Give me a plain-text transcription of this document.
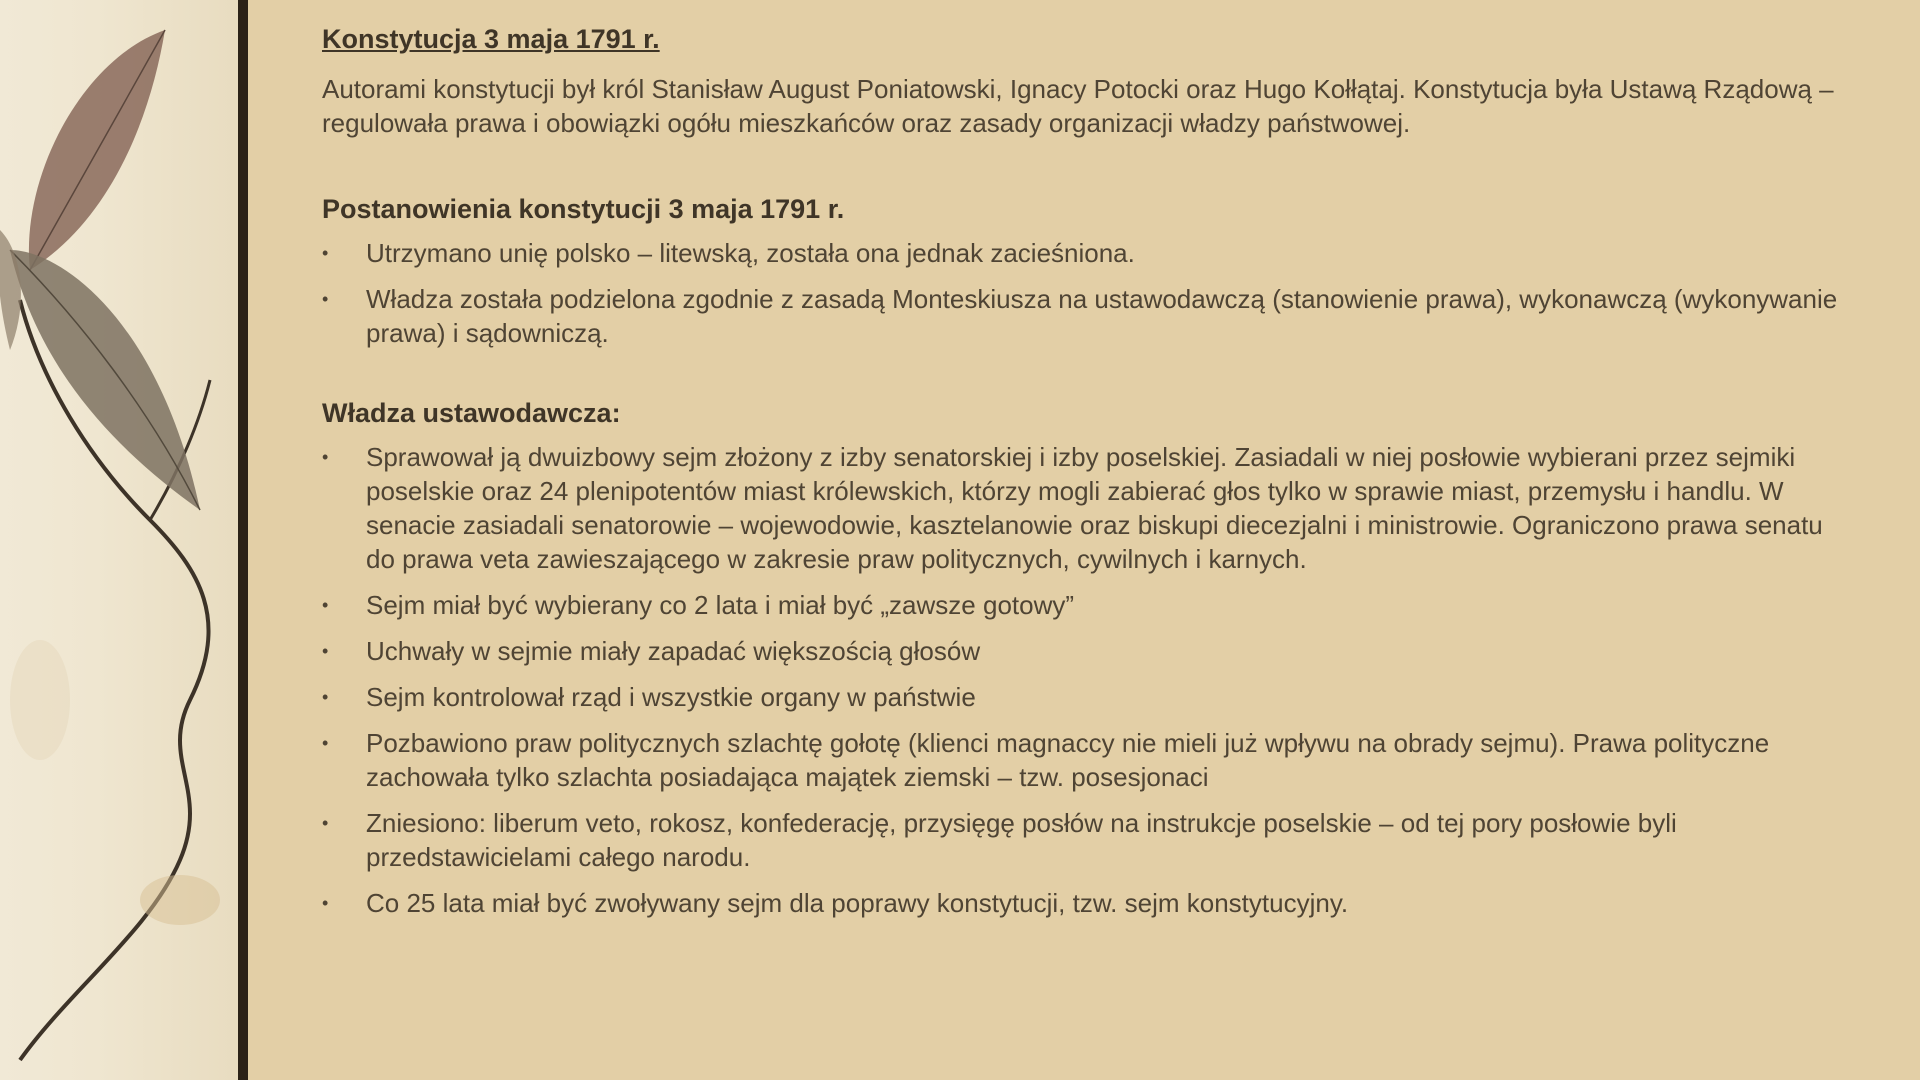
Konstytucja 3 maja 1791 r.

Autorami konstytucji był król Stanisław August Poniatowski, Ignacy Potocki oraz Hugo Kołłątaj. Konstytucja była Ustawą Rządową – regulowała prawa i obowiązki ogółu mieszkańców oraz zasady organizacji władzy państwowej.

Postanowienia konstytucji 3 maja 1791 r.
•	Utrzymano unię polsko – litewską, została ona jednak zacieśniona.
•	Władza została podzielona zgodnie z zasadą Monteskiusza na ustawodawczą (stanowienie prawa), wykonawczą (wykonywanie prawa) i sądowniczą.
Władza ustawodawcza:
•	Sprawował ją dwuizbowy sejm złożony z izby senatorskiej i izby poselskiej. Zasiadali w niej posłowie wybierani przez sejmiki poselskie oraz 24 plenipotentów miast królewskich, którzy mogli zabierać głos tylko w sprawie miast, przemysłu i handlu. W senacie zasiadali senatorowie – wojewodowie, kasztelanowie oraz biskupi diecezjalni i ministrowie. Ograniczono prawa senatu do prawa veta zawieszającego w zakresie praw politycznych, cywilnych i karnych.
•	Sejm miał być wybierany co 2 lata i miał być „zawsze gotowy”
•	Uchwały w sejmie miały zapadać większością głosów
•	Sejm kontrolował rząd i wszystkie organy w państwie
•	Pozbawiono praw politycznych szlachtę gołotę (klienci magnaccy nie mieli już wpływu na obrady sejmu). Prawa polityczne zachowała tylko szlachta posiadająca majątek ziemski – tzw. posesjonaci
•	Zniesiono: liberum veto, rokosz, konfederację, przysięgę posłów na instrukcje poselskie – od tej pory posłowie byli przedstawicielami całego narodu.
•	Co 25 lata miał być zwoływany sejm dla poprawy konstytucji, tzw. sejm konstytucyjny.
